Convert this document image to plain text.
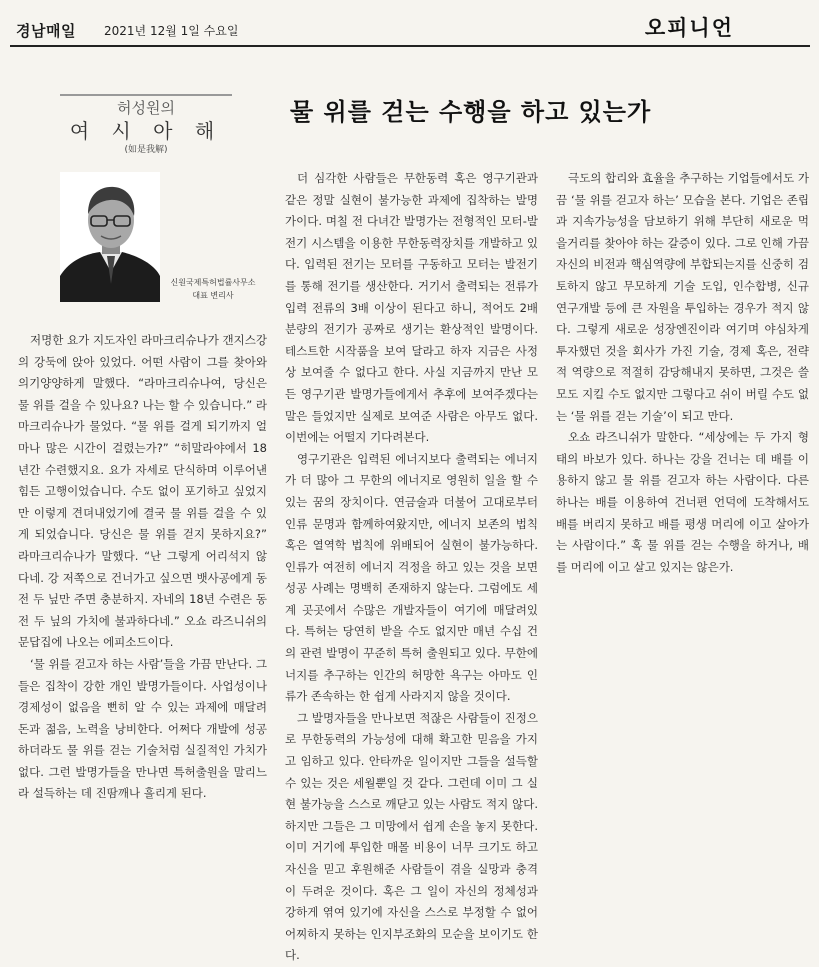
경남매일 2021년 12월 1일 수요일	오피니언
허성원의
여 시 아 해
(如是我解)
신원국제특허법률사무소
대표 변리사
물 위를 걷는 수행을 하고 있는가

저명한 요가 지도자인 라마크리슈나가 갠지스강의 강둑에 앉아 있었다. 어떤 사람이 그를 찾아와 의기양양하게 말했다. “라마크리슈나여, 당신은 물 위를 걸을 수 있나요? 나는 할 수 있습니다.” 라마크리슈나가 물었다. “물 위를 걸게 되기까지 얼마나 많은 시간이 걸렸는가?” “히말라야에서 18년간 수련했지요. 요가 자세로 단식하며 이루어낸 힘든 고행이었습니다. 수도 없이 포기하고 싶었지만 이렇게 견뎌내었기에 결국 물 위를 걸을 수 있게 되었습니다. 당신은 물 위를 걷지 못하지요?” 라마크리슈나가 말했다. “난 그렇게 어리석지 않다네. 강 저쪽으로 건너가고 싶으면 뱃사공에게 동전 두 닢만 주면 충분하지. 자네의 18년 수련은 동전 두 닢의 가치에 불과하다네.” 오쇼 라즈니쉬의 문답집에 나오는 에피소드이다.

‘물 위를 걷고자 하는 사람’들을 가끔 만난다. 그들은 집착이 강한 개인 발명가들이다. 사업성이나 경제성이 없음을 뻔히 알 수 있는 과제에 매달려 돈과 젊음, 노력을 낭비한다. 어쩌다 개발에 성공하더라도 물 위를 걷는 기술처럼 실질적인 가치가 없다. 그런 발명가들을 만나면 특허출원을 말리느라 설득하는 데 진땀깨나 흘리게 된다.

더 심각한 사람들은 무한동력 혹은 영구기관과 같은 정말 실현이 불가능한 과제에 집착하는 발명가이다. 며칠 전 다녀간 발명가는 전형적인 모터-발전기 시스템을 이용한 무한동력장치를 개발하고 있다. 입력된 전기는 모터를 구동하고 모터는 발전기를 통해 전기를 생산한다. 거기서 출력되는 전류가 입력 전류의 3배 이상이 된다고 하니, 적어도 2배 분량의 전기가 공짜로 생기는 환상적인 발명이다. 테스트한 시작품을 보여 달라고 하자 지금은 사정상 보여줄 수 없다고 한다. 사실 지금까지 만난 모든 영구기관 발명가들에게서 추후에 보여주겠다는 말은 들었지만 실제로 보여준 사람은 아무도 없다. 이번에는 어떨지 기다려본다.

영구기관은 입력된 에너지보다 출력되는 에너지가 더 많아 그 무한의 에너지로 영원히 일을 할 수 있는 꿈의 장치이다. 연금술과 더불어 고대로부터 인류 문명과 함께하여왔지만, 에너지 보존의 법칙 혹은 열역학 법칙에 위배되어 실현이 불가능하다. 인류가 여전히 에너지 걱정을 하고 있는 것을 보면 성공 사례는 명백히 존재하지 않는다. 그럼에도 세계 곳곳에서 수많은 개발자들이 여기에 매달려있다. 특허는 당연히 받을 수도 없지만 매년 수십 건의 관련 발명이 꾸준히 특허 출원되고 있다. 무한에너지를 추구하는 인간의 허망한 욕구는 아마도 인류가 존속하는 한 쉽게 사라지지 않을 것이다.

그 발명자들을 만나보면 적잖은 사람들이 진정으로 무한동력의 가능성에 대해 확고한 믿음을 가지고 임하고 있다. 안타까운 일이지만 그들을 설득할 수 있는 것은 세월뿐일 것 같다. 그런데 이미 그 실현 불가능을 스스로 깨닫고 있는 사람도 적지 않다. 하지만 그들은 그 미망에서 쉽게 손을 놓지 못한다. 이미 거기에 투입한 매몰 비용이 너무 크기도 하고 자신을 믿고 후원해준 사람들이 겪을 실망과 충격이 두려운 것이다. 혹은 그 일이 자신의 정체성과 강하게 엮여 있기에 자신을 스스로 부정할 수 없어 어찌하지 못하는 인지부조화의 모순을 보이기도 한다.

극도의 합리와 효율을 추구하는 기업들에서도 가끔 ‘물 위를 걷고자 하는’ 모습을 본다. 기업은 존립과 지속가능성을 담보하기 위해 부단히 새로운 먹을거리를 찾아야 하는 갈증이 있다. 그로 인해 가끔 자신의 비전과 핵심역량에 부합되는지를 신중히 검토하지 않고 무모하게 기술 도입, 인수합병, 신규 연구개발 등에 큰 자원을 투입하는 경우가 적지 않다. 그렇게 새로운 성장엔진이라 여기며 야심차게 투자했던 것을 회사가 가진 기술, 경제 혹은, 전략적 역량으로 적절히 감당해내지 못하면, 그것은 쓸모도 지킬 수도 없지만 그렇다고 쉬이 버릴 수도 없는 ‘물 위를 걷는 기술’이 되고 만다.

오쇼 라즈니쉬가 말한다. “세상에는 두 가지 형태의 바보가 있다. 하나는 강을 건너는 데 배를 이용하지 않고 물 위를 걷고자 하는 사람이다. 다른 하나는 배를 이용하여 건너편 언덕에 도착해서도 배를 버리지 못하고 배를 평생 머리에 이고 살아가는 사람이다.” 혹 물 위를 걷는 수행을 하거나, 배를 머리에 이고 살고 있지는 않은가.
